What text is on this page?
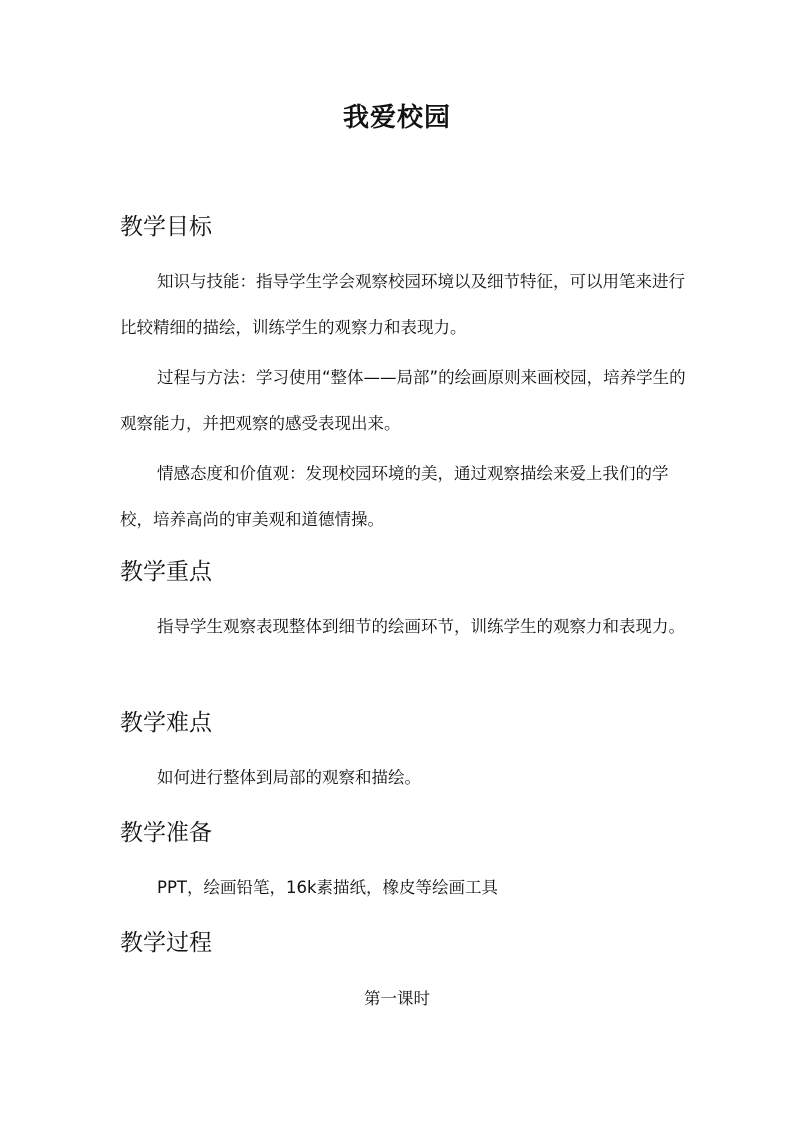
我爱校园
教学目标

知识与技能：指导学生学会观察校园环境以及细节特征，可以用笔来进行比较精细的描绘，训练学生的观察力和表现力。

过程与方法：学习使用“整体——局部”的绘画原则来画校园，培养学生的观察能力，并把观察的感受表现出来。

情感态度和价值观：发现校园环境的美，通过观察描绘来爱上我们的学校，培养高尚的审美观和道德情操。

教学重点

指导学生观察表现整体到细节的绘画环节，训练学生的观察力和表现力。

教学难点

如何进行整体到局部的观察和描绘。

教学准备

PPT，绘画铅笔，16k素描纸，橡皮等绘画工具

教学过程
第一课时
